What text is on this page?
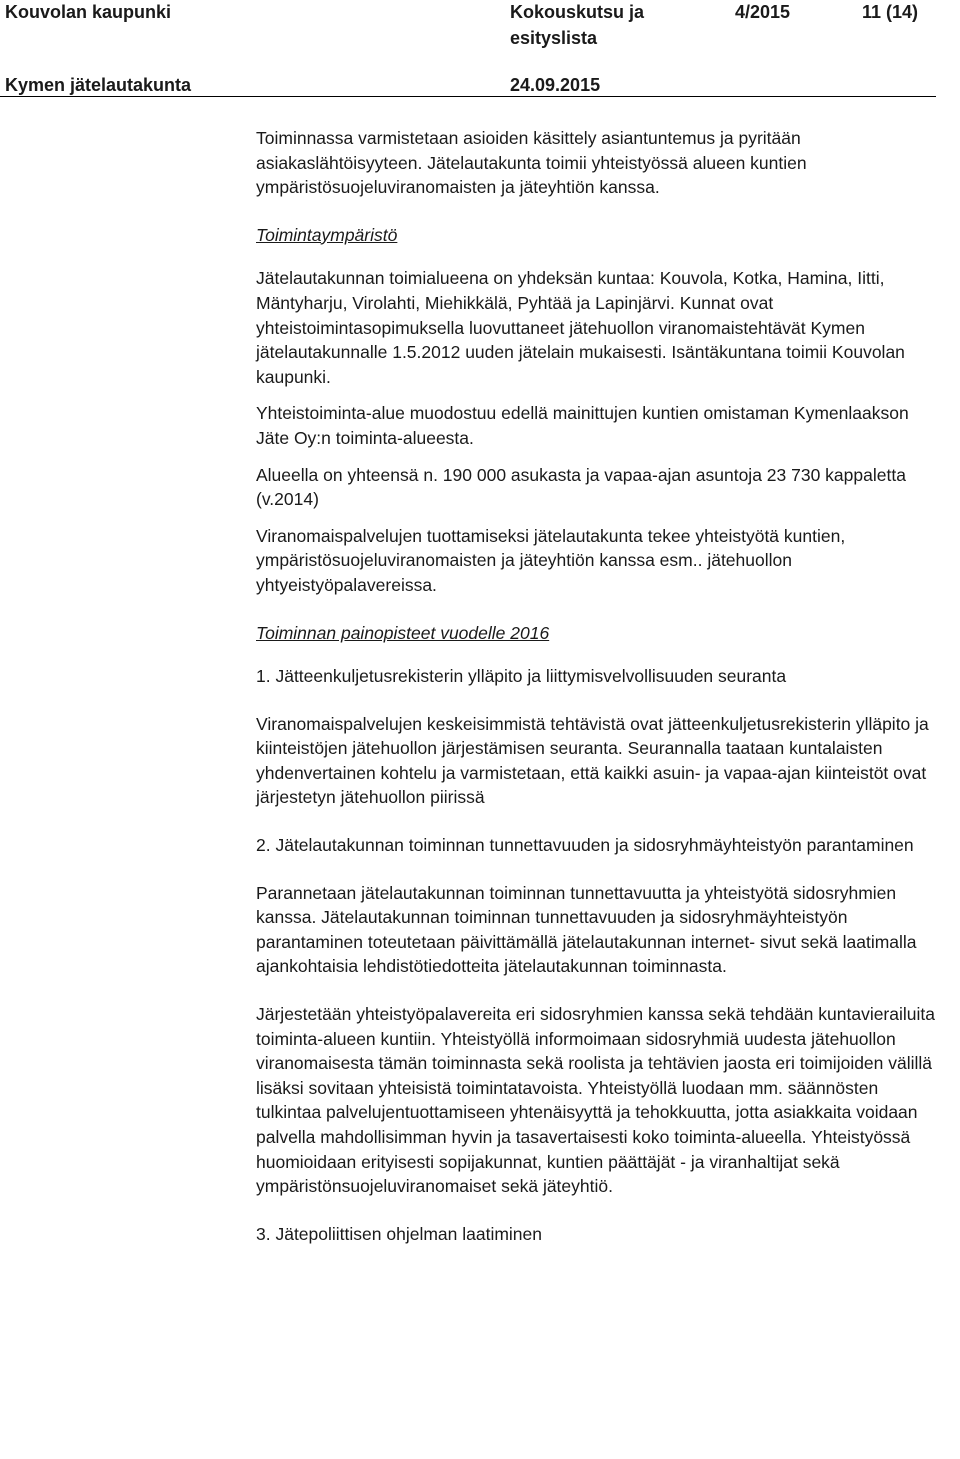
Kouvolan kaupunki	Kokouskutsu ja
esityslista
4/2015	11 (14)
Kymen jätelautakunta	24.09.2015

Toiminnassa varmistetaan asioiden käsittely asiantuntemus ja pyritään asiakaslähtöisyyteen. Jätelautakunta toimii yhteistyössä alueen kuntien ympäristösuojeluviranomaisten ja jäteyhtiön kanssa.

Toimintaympäristö

Jätelautakunnan toimialueena on yhdeksän kuntaa: Kouvola, Kotka, Hamina, Iitti, Mäntyharju, Virolahti, Miehikkälä, Pyhtää ja Lapinjärvi. Kunnat ovat yhteistoimintasopimuksella luovuttaneet jätehuollon viranomaistehtävät Kymen jätelautakunnalle 1.5.2012 uuden jätelain mukaisesti. Isäntäkuntana toimii Kouvolan kaupunki.

Yhteistoiminta-alue muodostuu edellä mainittujen kuntien omistaman Kymenlaakson Jäte Oy:n toiminta-alueesta.

Alueella on yhteensä n. 190 000 asukasta ja vapaa-ajan asuntoja 23 730 kappaletta (v.2014)

Viranomaispalvelujen tuottamiseksi jätelautakunta tekee yhteistyötä kuntien, ympäristösuojeluviranomaisten ja jäteyhtiön kanssa esm.. jätehuollon yhtyeistyöpalavereissa.

Toiminnan painopisteet vuodelle 2016

1. Jätteenkuljetusrekisterin ylläpito ja liittymisvelvollisuuden seuranta

Viranomaispalvelujen keskeisimmistä tehtävistä ovat jätteenkuljetusrekisterin ylläpito ja kiinteistöjen jätehuollon järjestämisen seuranta. Seurannalla taataan kuntalaisten yhdenvertainen kohtelu ja varmistetaan, että kaikki asuin- ja vapaa-ajan kiinteistöt ovat järjestetyn jätehuollon piirissä

2. Jätelautakunnan toiminnan tunnettavuuden ja sidosryhmäyhteistyön parantaminen

Parannetaan jätelautakunnan toiminnan tunnettavuutta ja yhteistyötä sidosryhmien kanssa. Jätelautakunnan toiminnan tunnettavuuden ja sidosryhmäyhteistyön parantaminen toteutetaan päivittämällä jätelautakunnan internet- sivut sekä laatimalla ajankohtaisia lehdistötiedotteita jätelautakunnan toiminnasta.

Järjestetään yhteistyöpalavereita eri sidosryhmien kanssa sekä tehdään kuntavierailuita toiminta-alueen kuntiin. Yhteistyöllä informoimaan sidosryhmiä uudesta jätehuollon viranomaisesta tämän toiminnasta sekä roolista ja tehtävien jaosta eri toimijoiden välillä lisäksi sovitaan yhteisistä toimintatavoista. Yhteistyöllä luodaan mm. säännösten tulkintaa palvelujentuottamiseen yhtenäisyyttä ja tehokkuutta, jotta asiakkaita voidaan palvella mahdollisimman hyvin ja tasavertaisesti koko toiminta-alueella. Yhteistyössä huomioidaan erityisesti sopijakunnat, kuntien päättäjät - ja viranhaltijat sekä ympäristönsuojeluviranomaiset sekä jäteyhtiö.

3. Jätepoliittisen ohjelman laatiminen
